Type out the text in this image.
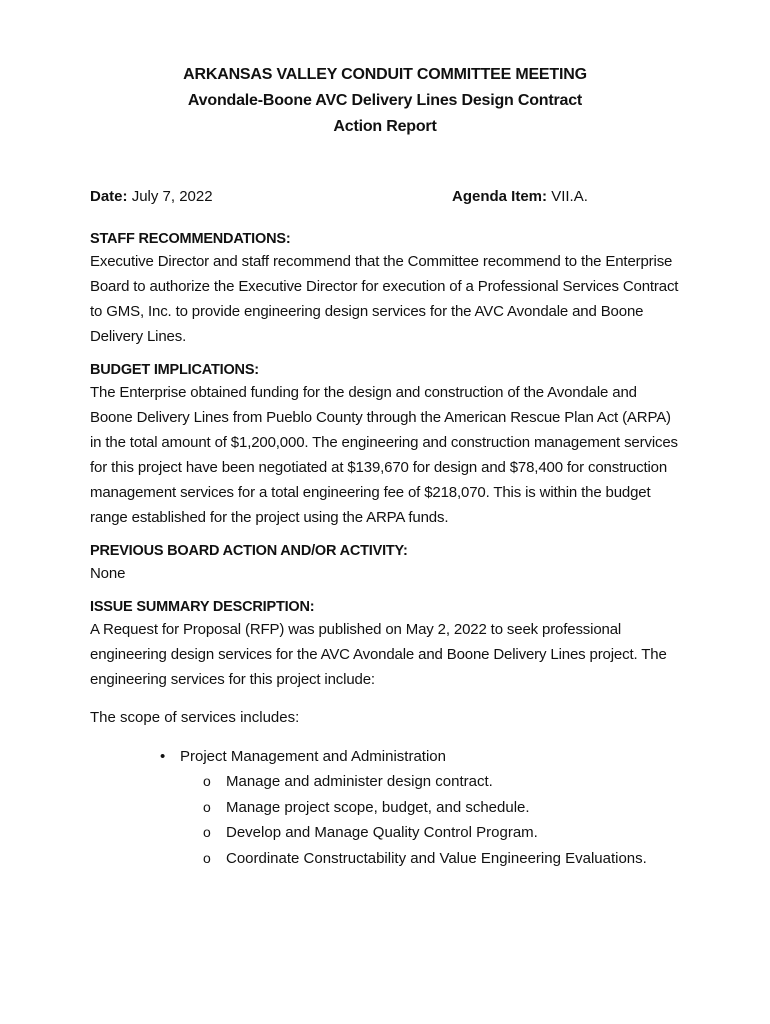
ARKANSAS VALLEY CONDUIT COMMITTEE MEETING
Avondale-Boone AVC Delivery Lines Design Contract
Action Report
Date: July 7, 2022	Agenda Item: VII.A.
STAFF RECOMMENDATIONS:
Executive Director and staff recommend that the Committee recommend to the Enterprise Board to authorize the Executive Director for execution of a Professional Services Contract to GMS, Inc. to provide engineering design services for the AVC Avondale and Boone Delivery Lines.
BUDGET IMPLICATIONS:
The Enterprise obtained funding for the design and construction of the Avondale and Boone Delivery Lines from Pueblo County through the American Rescue Plan Act (ARPA) in the total amount of $1,200,000. The engineering and construction management services for this project have been negotiated at $139,670 for design and $78,400 for construction management services for a total engineering fee of $218,070. This is within the budget range established for the project using the ARPA funds.
PREVIOUS BOARD ACTION AND/OR ACTIVITY:
None
ISSUE SUMMARY DESCRIPTION:
A Request for Proposal (RFP) was published on May 2, 2022 to seek professional engineering design services for the AVC Avondale and Boone Delivery Lines project. The engineering services for this project include:
The scope of services includes:
• Project Management and Administration
o Manage and administer design contract.
o Manage project scope, budget, and schedule.
o Develop and Manage Quality Control Program.
o Coordinate Constructability and Value Engineering Evaluations.
